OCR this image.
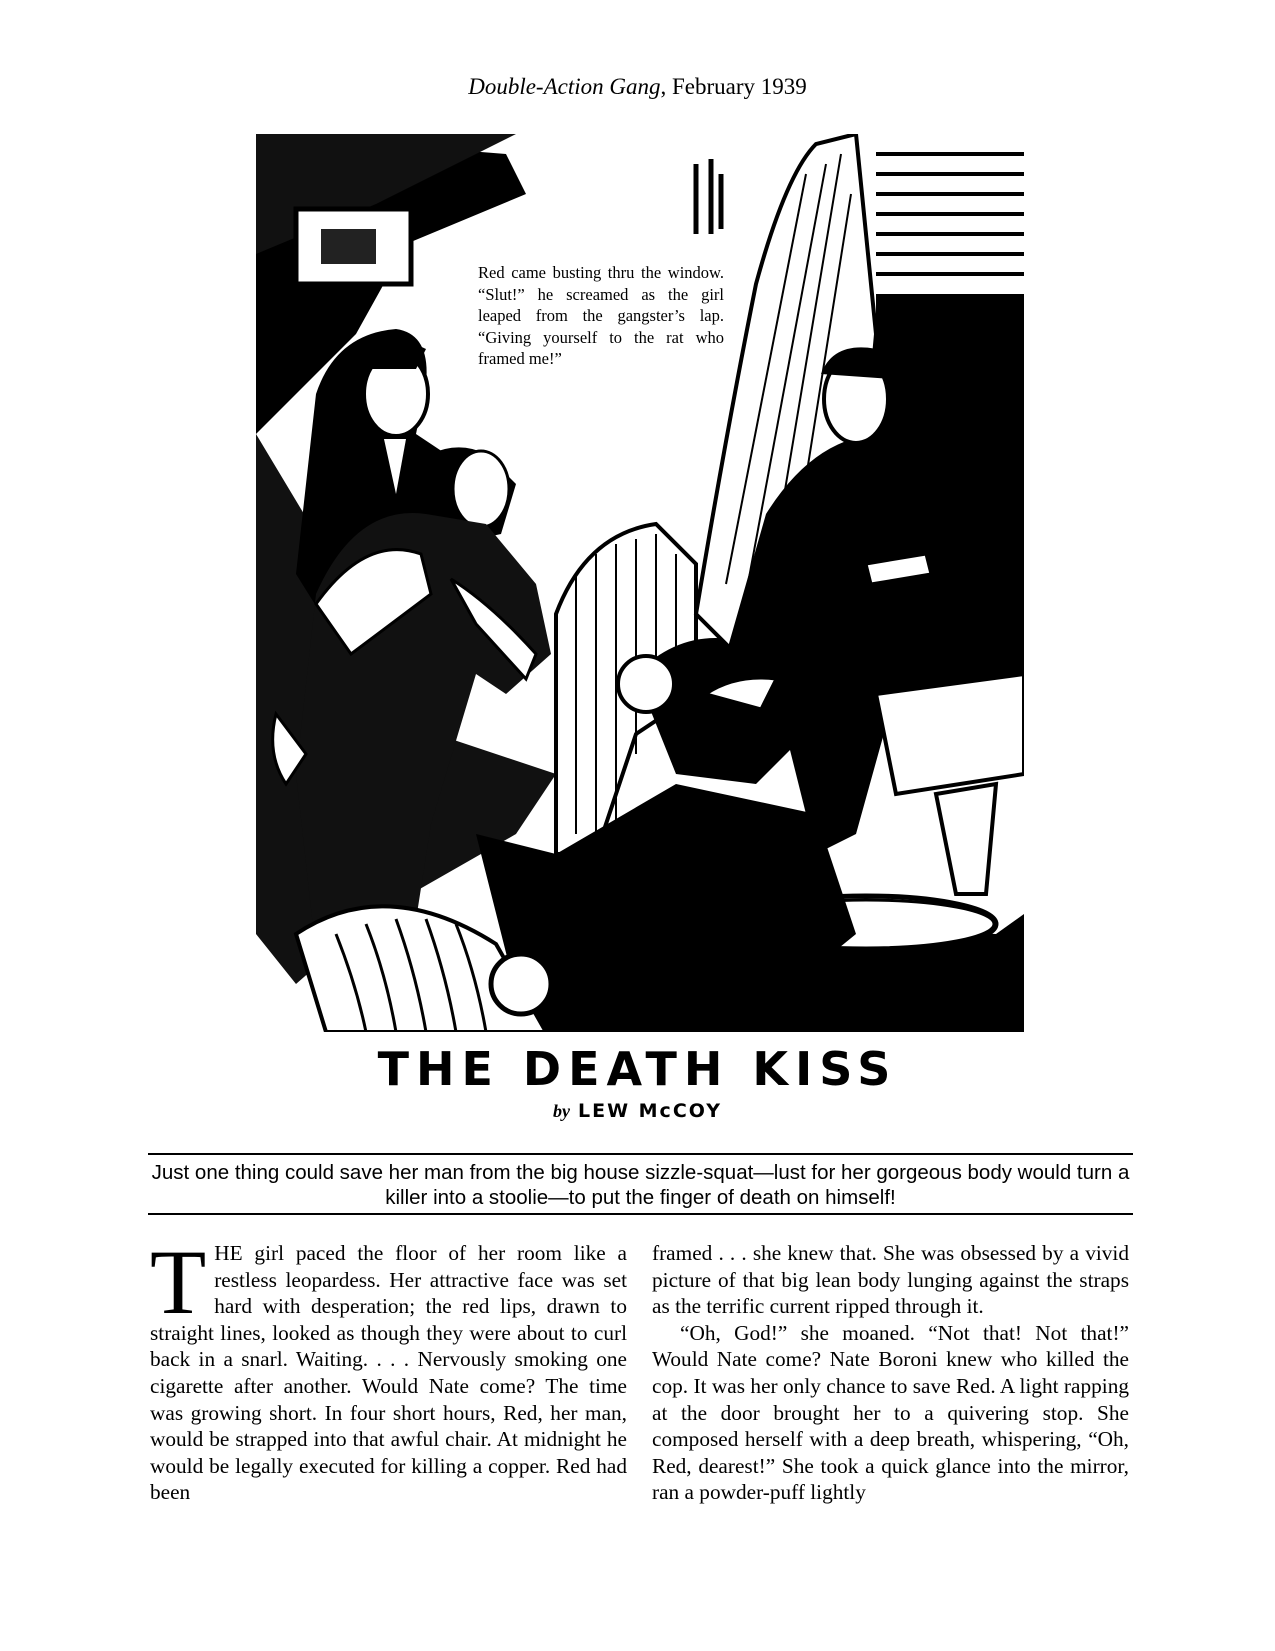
Double-Action Gang, February 1939
Red came busting thru the window. “Slut!” he screamed as the girl leaped from the gangster’s lap. “Giving yourself to the rat who framed me!”
THE DEATH KISS
by LEW McCOY
Just one thing could save her man from the big house sizzle-squat—lust for her gorgeous body would turn a killer into a stoolie—to put the finger of death on himself!

THE girl paced the floor of her room like a restless leopardess. Her attractive face was set hard with desperation; the red lips, drawn to straight lines, looked as though they were about to curl back in a snarl. Waiting. . . . Nervously smoking one cigarette after another. Would Nate come? The time was growing short. In four short hours, Red, her man, would be strapped into that awful chair. At midnight he would be legally executed for killing a copper. Red had been

framed . . . she knew that. She was obsessed by a vivid picture of that big lean body lunging against the straps as the terrific current ripped through it.

“Oh, God!” she moaned. “Not that! Not that!” Would Nate come? Nate Boroni knew who killed the cop. It was her only chance to save Red. A light rapping at the door brought her to a quivering stop. She composed herself with a deep breath, whispering, “Oh, Red, dearest!” She took a quick glance into the mirror, ran a powder-puff lightly
